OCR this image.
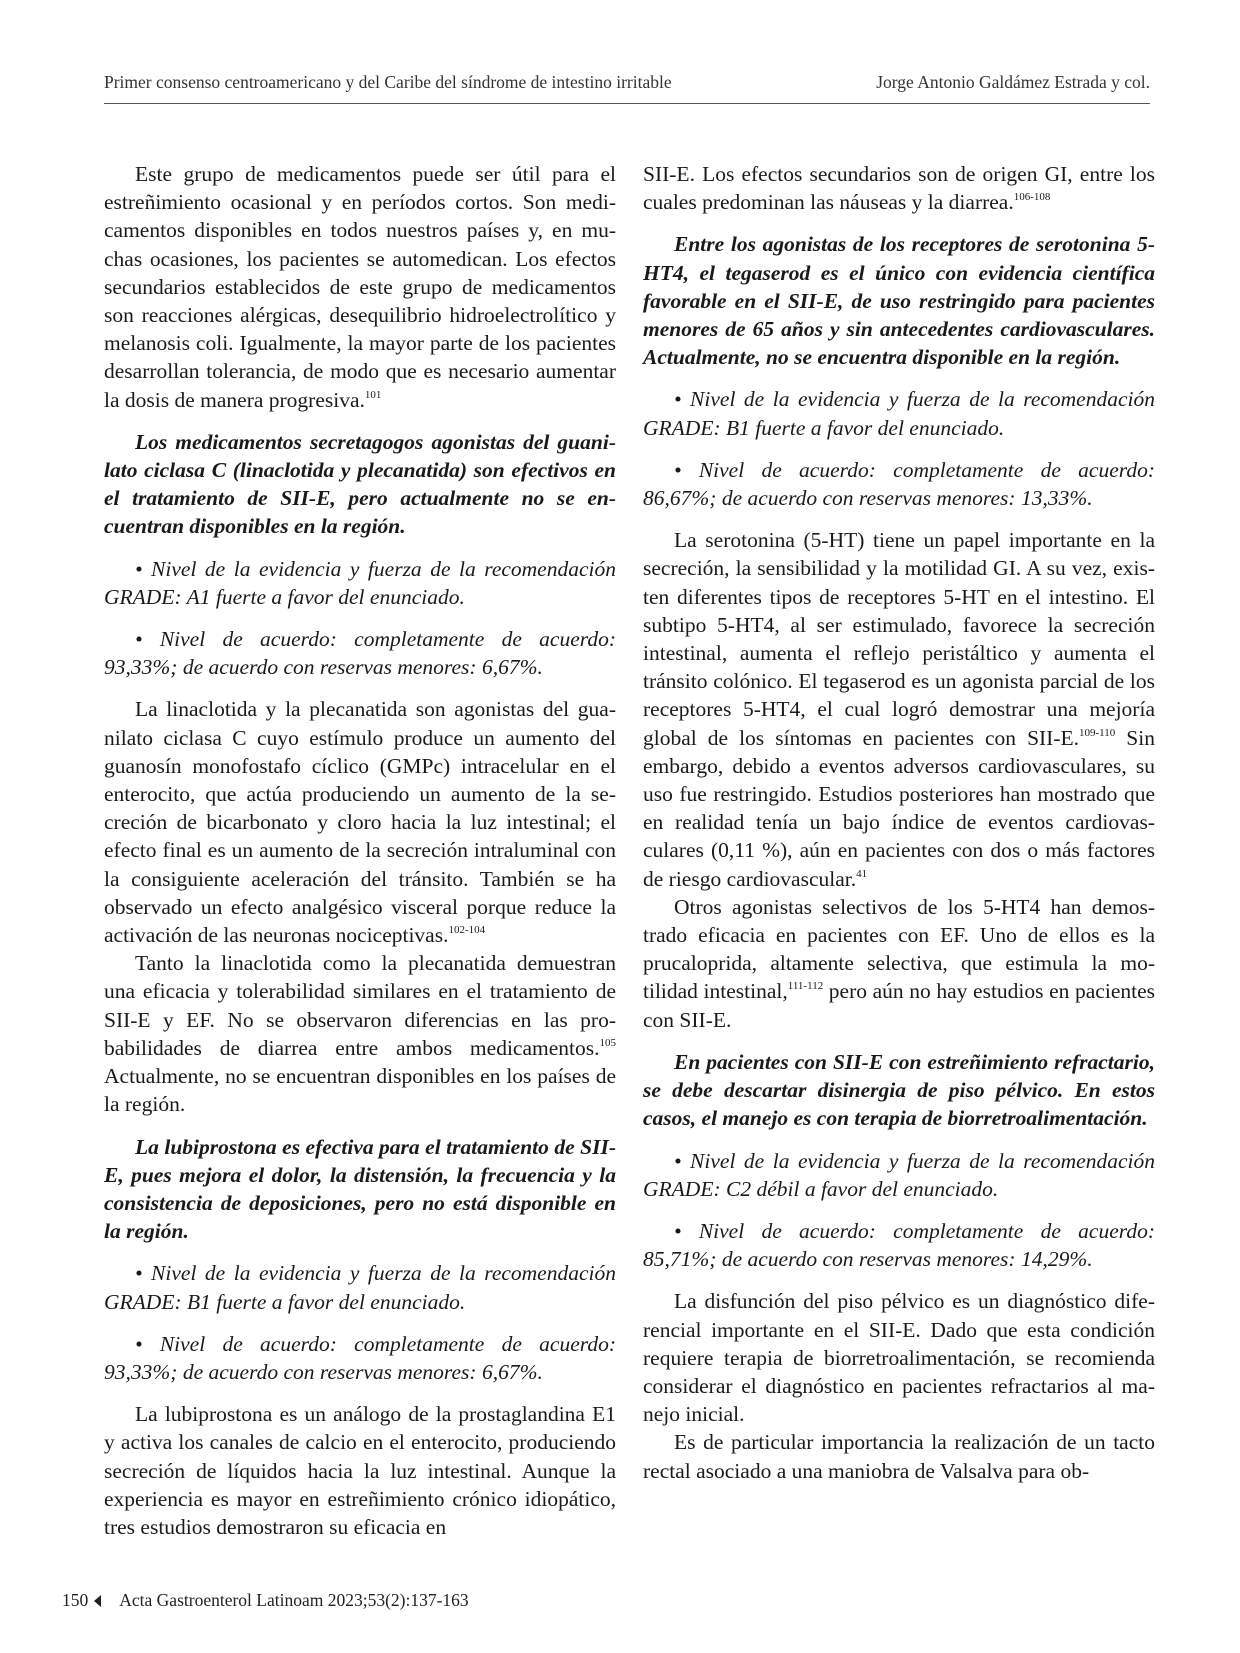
Primer consenso centroamericano y del Caribe del síndrome de intestino irritable	Jorge Antonio Galdámez Estrada y col.

Este grupo de medicamentos puede ser útil para el estreñimiento ocasional y en períodos cortos. Son medicamentos disponibles en todos nuestros países y, en muchas ocasiones, los pacientes se automedican. Los efectos secundarios establecidos de este grupo de medicamentos son reacciones alérgicas, desequilibrio hidroelectrolítico y melanosis coli. Igualmente, la mayor parte de los pacientes desarrollan tolerancia, de modo que es necesario aumentar la dosis de manera progresiva.$^{101}$

Los medicamentos secretagogos agonistas del guanilato ciclasa C (linaclotida y plecanatida) son efectivos en el tratamiento de SII-E, pero actualmente no se encuentran disponibles en la región.

• Nivel de la evidencia y fuerza de la recomendación GRADE: A1 fuerte a favor del enunciado.

• Nivel de acuerdo: completamente de acuerdo: 93,33%; de acuerdo con reservas menores: 6,67%.

La linaclotida y la plecanatida son agonistas del guanilato ciclasa C cuyo estímulo produce un aumento del guanosín monofostafo cíclico (GMPc) intracelular en el enterocito, que actúa produciendo un aumento de la secreción de bicarbonato y cloro hacia la luz intestinal; el efecto final es un aumento de la secreción intraluminal con la consiguiente aceleración del tránsito. También se ha observado un efecto analgésico visceral porque reduce la activación de las neuronas nociceptivas.$^{102-104}$

Tanto la linaclotida como la plecanatida demuestran una eficacia y tolerabilidad similares en el tratamiento de SII-E y EF. No se observaron diferencias en las probabilidades de diarrea entre ambos medicamentos.$^{105}$ Actualmente, no se encuentran disponibles en los países de la región.

La lubiprostona es efectiva para el tratamiento de SII-E, pues mejora el dolor, la distensión, la frecuencia y la consistencia de deposiciones, pero no está disponible en la región.

• Nivel de la evidencia y fuerza de la recomendación GRADE: B1 fuerte a favor del enunciado.

• Nivel de acuerdo: completamente de acuerdo: 93,33%; de acuerdo con reservas menores: 6,67%.

La lubiprostona es un análogo de la prostaglandina E1 y activa los canales de calcio en el enterocito, produciendo secreción de líquidos hacia la luz intestinal. Aunque la experiencia es mayor en estreñimiento crónico idiopático, tres estudios demostraron su eficacia en

SII-E. Los efectos secundarios son de origen GI, entre los cuales predominan las náuseas y la diarrea.$^{106-108}$

Entre los agonistas de los receptores de serotonina 5-HT4, el tegaserod es el único con evidencia científica favorable en el SII-E, de uso restringido para pacientes menores de 65 años y sin antecedentes cardiovasculares. Actualmente, no se encuentra disponible en la región.

• Nivel de la evidencia y fuerza de la recomendación GRADE: B1 fuerte a favor del enunciado.

• Nivel de acuerdo: completamente de acuerdo: 86,67%; de acuerdo con reservas menores: 13,33%.

La serotonina (5-HT) tiene un papel importante en la secreción, la sensibilidad y la motilidad GI. A su vez, existen diferentes tipos de receptores 5-HT en el intestino. El subtipo 5-HT4, al ser estimulado, favorece la secreción intestinal, aumenta el reflejo peristáltico y aumenta el tránsito colónico. El tegaserod es un agonista parcial de los receptores 5-HT4, el cual logró demostrar una mejoría global de los síntomas en pacientes con SII-E.$^{109-110}$ Sin embargo, debido a eventos adversos cardiovasculares, su uso fue restringido. Estudios posteriores han mostrado que en realidad tenía un bajo índice de eventos cardiovasculares (0,11 %), aún en pacientes con dos o más factores de riesgo cardiovascular.$^{41}$

Otros agonistas selectivos de los 5-HT4 han demostrado eficacia en pacientes con EF. Uno de ellos es la prucaloprida, altamente selectiva, que estimula la motilidad intestinal,$^{111-112}$ pero aún no hay estudios en pacientes con SII-E.

En pacientes con SII-E con estreñimiento refractario, se debe descartar disinergia de piso pélvico. En estos casos, el manejo es con terapia de biorretroalimentación.

• Nivel de la evidencia y fuerza de la recomendación GRADE: C2 débil a favor del enunciado.

• Nivel de acuerdo: completamente de acuerdo: 85,71%; de acuerdo con reservas menores: 14,29%.

La disfunción del piso pélvico es un diagnóstico diferencial importante en el SII-E. Dado que esta condición requiere terapia de biorretroalimentación, se recomienda considerar el diagnóstico en pacientes refractarios al manejo inicial.

Es de particular importancia la realización de un tacto rectal asociado a una maniobra de Valsalva para ob-

150 Acta Gastroenterol Latinoam 2023;53(2):137-163
